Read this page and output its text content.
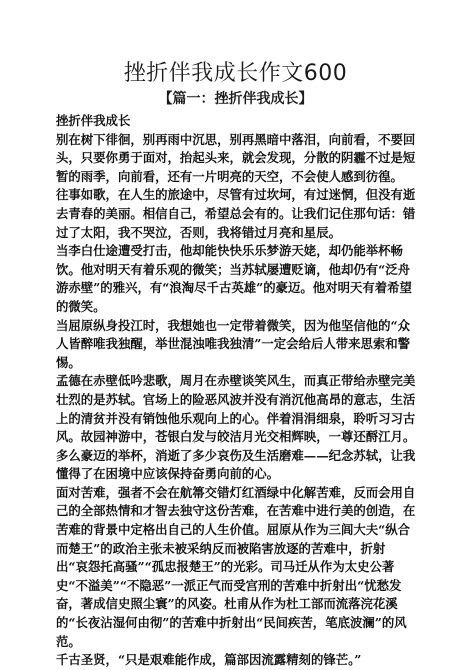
挫折伴我成长作文600
【篇一：挫折伴我成长】

挫折伴我成长

别在树下徘徊，别再雨中沉思，别再黑暗中落泪，向前看，不要回头，只要你勇于面对，抬起头来，就会发现，分散的阴霾不过是短暂的雨季，向前看，还有一片明亮的天空，不会使人感到彷徨。

往事如歌，在人生的旅途中，尽管有过坎坷，有过迷惘，但没有逝去青春的美丽。相信自己，希望总会有的。让我们记住那句话：错过了太阳，我不哭泣，否则，我将错过月亮和星辰。

当李白仕途遭受打击，他却能快快乐乐梦游天姥，却仍能举杯畅饮。他对明天有着乐观的微笑；当苏轼屡遭贬谪，他却仍有“泛舟游赤壁”的雅兴，有“浪淘尽千古英雄”的豪迈。他对明天有着希望的微笑。

当屈原纵身投江时，我想她也一定带着微笑，因为他坚信他的“众人皆醉唯我独醒，举世混浊唯我独清”一定会给后人带来思索和警惕。

孟德在赤壁低吟悲歌，周月在赤壁谈笑风生，而真正带给赤壁完美壮烈的是苏轼。官场上的险恶风波并没有消沉他高昂的意志，生活上的清贫并没有销蚀他乐观向上的心。伴着涓涓细泉，聆听习习古风。故园神游中，苍银白发与皎洁月光交相辉映，一尊还酹江月。多么豪迈的举杯，消逝了多少哀伤及生活磨难——纪念苏轼，让我懂得了在困境中应该保持奋勇向前的心。

面对苦难，强者不会在航箒交错灯红酒绿中化解苦难，反而会用自己的全部热情和才智去独守这份苦难，在苦难中进行美的创造，在苦难的背景中定格出自己的人生价值。屈原从作为三闾大夫“纵合而楚王”的政治主张未被采纳反而被陷害放逐的苦难中，折射出“哀怨托高骚”“孤忠报楚王”的光彩。司马迁从作为太史公著史“不溢美”“不隐恶”一派正气而受宫刑的苦难中折射出“忧愁发奋，著成信史照尘寰”的风姿。杜甫从作为杜工部而流落浣花溪的“长夜沾湿何由彻”的苦难中折射出“民间疾苦，笔底波澜”的风范。

千古圣贤，“只是艰难能作成，篇部因流露精刻的锋芒。”
